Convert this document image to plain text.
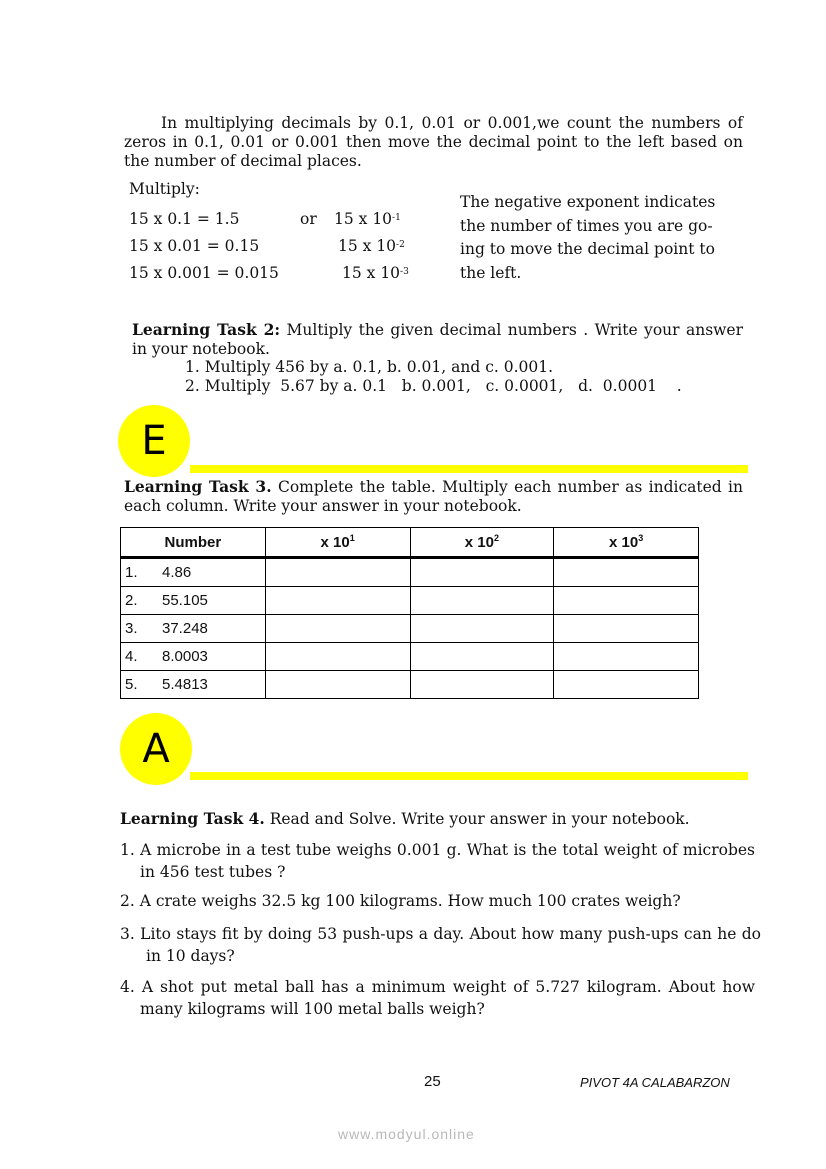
In multiplying decimals by 0.1, 0.01 or 0.001,we count the numbers of zeros in 0.1, 0.01 or 0.001 then move the decimal point to the left based on the number of decimal places.
Multiply:
15 x 0.1 = 1.5	or 15 x $10^{-1}$
15 x 0.01 = 0.15	15 x $10^{-2}$
15 x 0.001 = 0.015	15 x $10^{-3}$
The negative exponent indicates the number of times you are go-ing to move the decimal point to the left.
Learning Task 2: Multiply the given decimal numbers . Write your answer in your notebook.
1. Multiply 456 by a. 0.1, b. 0.01, and c. 0.001.
2. Multiply  5.67 by a. 0.1   b. 0.001,   c. 0.0001,   d.  0.0001    .
E
Learning Task 3. Complete the table. Multiply each number as indicated in each column. Write your answer in your notebook.
Number	x $10^1$	x $10^2$	x $10^3$
1. 4.86			
2. 55.105			
3. 37.248			
4. 8.0003			
5. 5.4813			
A
Learning Task 4. Read and Solve. Write your answer in your notebook.
1. A microbe in a test tube weighs 0.001 g. What is the total weight of microbes in 456 test tubes ?
2. A crate weighs 32.5 kg 100 kilograms. How much 100 crates weigh?
3. Lito stays fit by doing 53 push-ups a day. About how many push-ups can he do in 10 days?
4. A shot put metal ball has a minimum weight of 5.727 kilogram. About how many kilograms will 100 metal balls weigh?
25	PIVOT 4A CALABARZON
www.modyul.online
